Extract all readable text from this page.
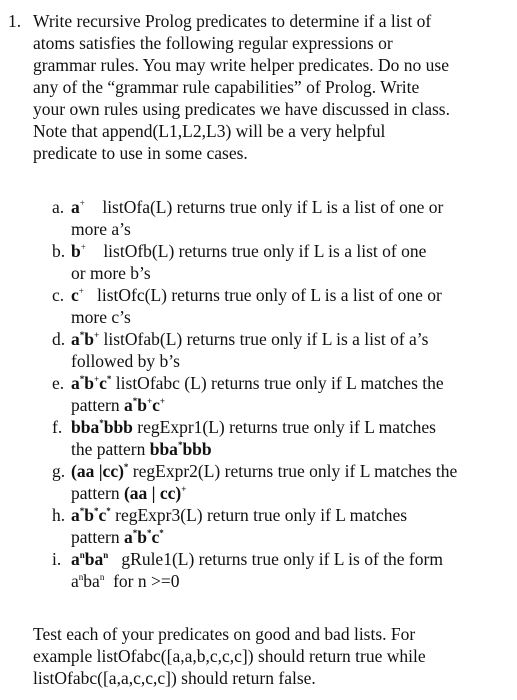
1. Write recursive Prolog predicates to determine if a list of
atoms satisfies the following regular expressions or
grammar rules. You may write helper predicates. Do no use
any of the “grammar rule capabilities” of Prolog. Write
your own rules using predicates we have discussed in class.
Note that append(L1,L2,L3) will be a very helpful
predicate to use in some cases.

a. a+ listOfa(L) returns true only if L is a list of one or
more a’s
b. b+ listOfb(L) returns true only if L is a list of one
or more b’s
c. c+ listOfc(L) returns true only of L is a list of one or
more c’s
d. a*b+ listOfab(L) returns true only if L is a list of a’s
followed by b’s
e. a*b+c* listOfabc (L) returns true only if L matches the
pattern a*b+c+
f. bba*bbb regExpr1(L) returns true only if L matches
the pattern bba*bbb
g. (aa |cc)* regExpr2(L) returns true only if L matches the
pattern (aa | cc)+
h. a*b*c* regExpr3(L) return true only if L matches
pattern a*b*c*
i. $a^nba^n$   gRule1(L) returns true only if L is of the form
$a^nba^n$  for n >=0

Test each of your predicates on good and bad lists. For
example listOfabc([a,a,b,c,c,c]) should return true while
listOfabc([a,a,c,c,c]) should return false.
